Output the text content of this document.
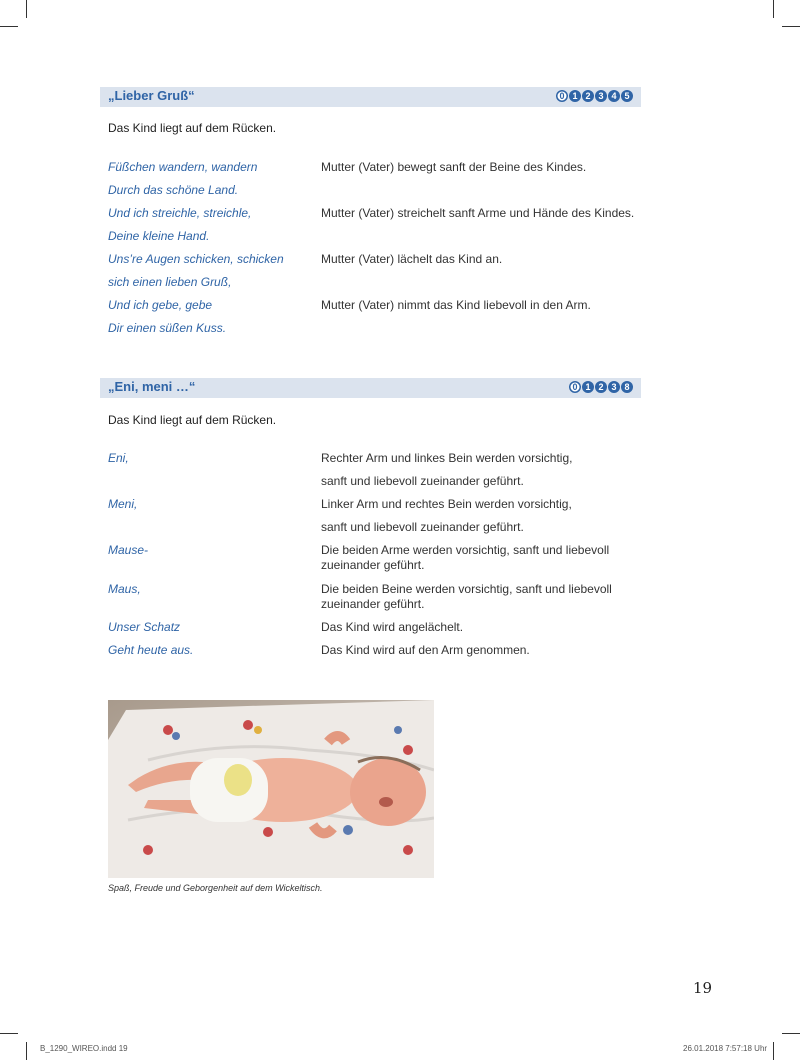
„Lieber Gruß“	0 1 2 3 4 5
Das Kind liegt auf dem Rücken.
Füßchen wandern, wandern	Mutter (Vater) bewegt sanft der Beine des Kindes.
Durch das schöne Land.
Und ich streichle, streichle,	Mutter (Vater) streichelt sanft Arme und Hände des Kindes.
Deine kleine Hand.
Uns’re Augen schicken, schicken	Mutter (Vater) lächelt das Kind an.
sich einen lieben Gruß,
Und ich gebe, gebe	Mutter (Vater) nimmt das Kind liebevoll in den Arm.
Dir einen süßen Kuss.
„Eni, meni …“	0 1 2 3 8
Das Kind liegt auf dem Rücken.
Eni,	Rechter Arm und linkes Bein werden vorsichtig,
sanft und liebevoll zueinander geführt.
Meni,	Linker Arm und rechtes Bein werden vorsichtig,
sanft und liebevoll zueinander geführt.
Mause-	Die beiden Arme werden vorsichtig, sanft und liebevoll zueinander geführt.
Maus,	Die beiden Beine werden vorsichtig, sanft und liebevoll zueinander geführt.
Unser Schatz	Das Kind wird angelächelt.
Geht heute aus.	Das Kind wird auf den Arm genommen.
Spaß, Freude und Geborgenheit auf dem Wickeltisch.
19
B_1290_WIREO.indd 19	26.01.2018 7:57:18 Uhr
